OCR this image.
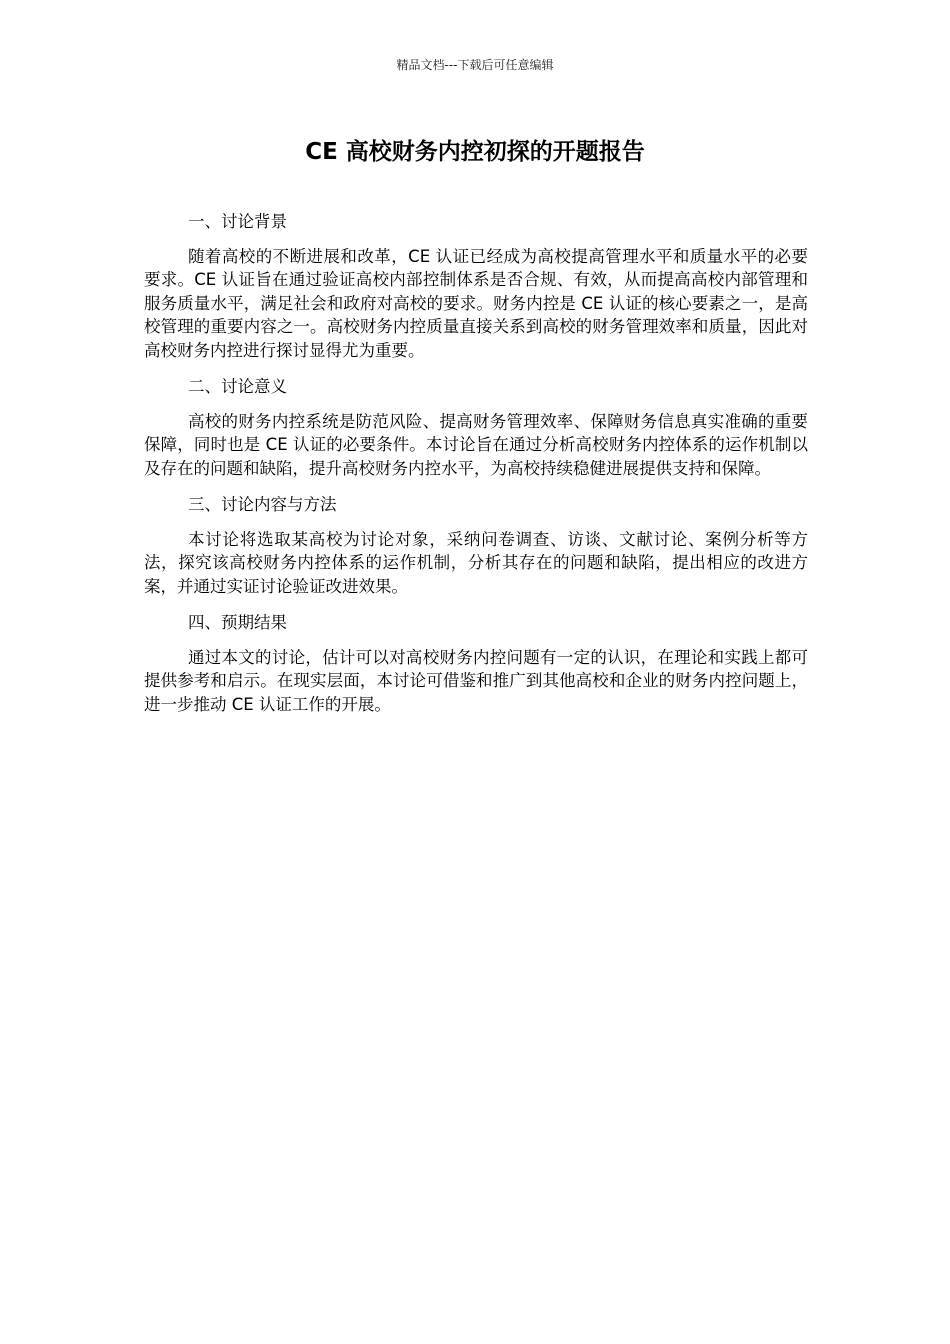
精品文档---下载后可任意编辑
CE 高校财务内控初探的开题报告

一、讨论背景

随着高校的不断进展和改革，CE 认证已经成为高校提高管理水平和质量水平的必要要求。CE 认证旨在通过验证高校内部控制体系是否合规、有效，从而提高高校内部管理和服务质量水平，满足社会和政府对高校的要求。财务内控是 CE 认证的核心要素之一，是高校管理的重要内容之一。高校财务内控质量直接关系到高校的财务管理效率和质量，因此对高校财务内控进行探讨显得尤为重要。

二、讨论意义

高校的财务内控系统是防范风险、提高财务管理效率、保障财务信息真实准确的重要保障，同时也是 CE 认证的必要条件。本讨论旨在通过分析高校财务内控体系的运作机制以及存在的问题和缺陷，提升高校财务内控水平，为高校持续稳健进展提供支持和保障。

三、讨论内容与方法

本讨论将选取某高校为讨论对象，采纳问卷调查、访谈、文献讨论、案例分析等方法，探究该高校财务内控体系的运作机制，分析其存在的问题和缺陷，提出相应的改进方案，并通过实证讨论验证改进效果。

四、预期结果

通过本文的讨论，估计可以对高校财务内控问题有一定的认识，在理论和实践上都可提供参考和启示。在现实层面，本讨论可借鉴和推广到其他高校和企业的财务内控问题上，进一步推动 CE 认证工作的开展。
